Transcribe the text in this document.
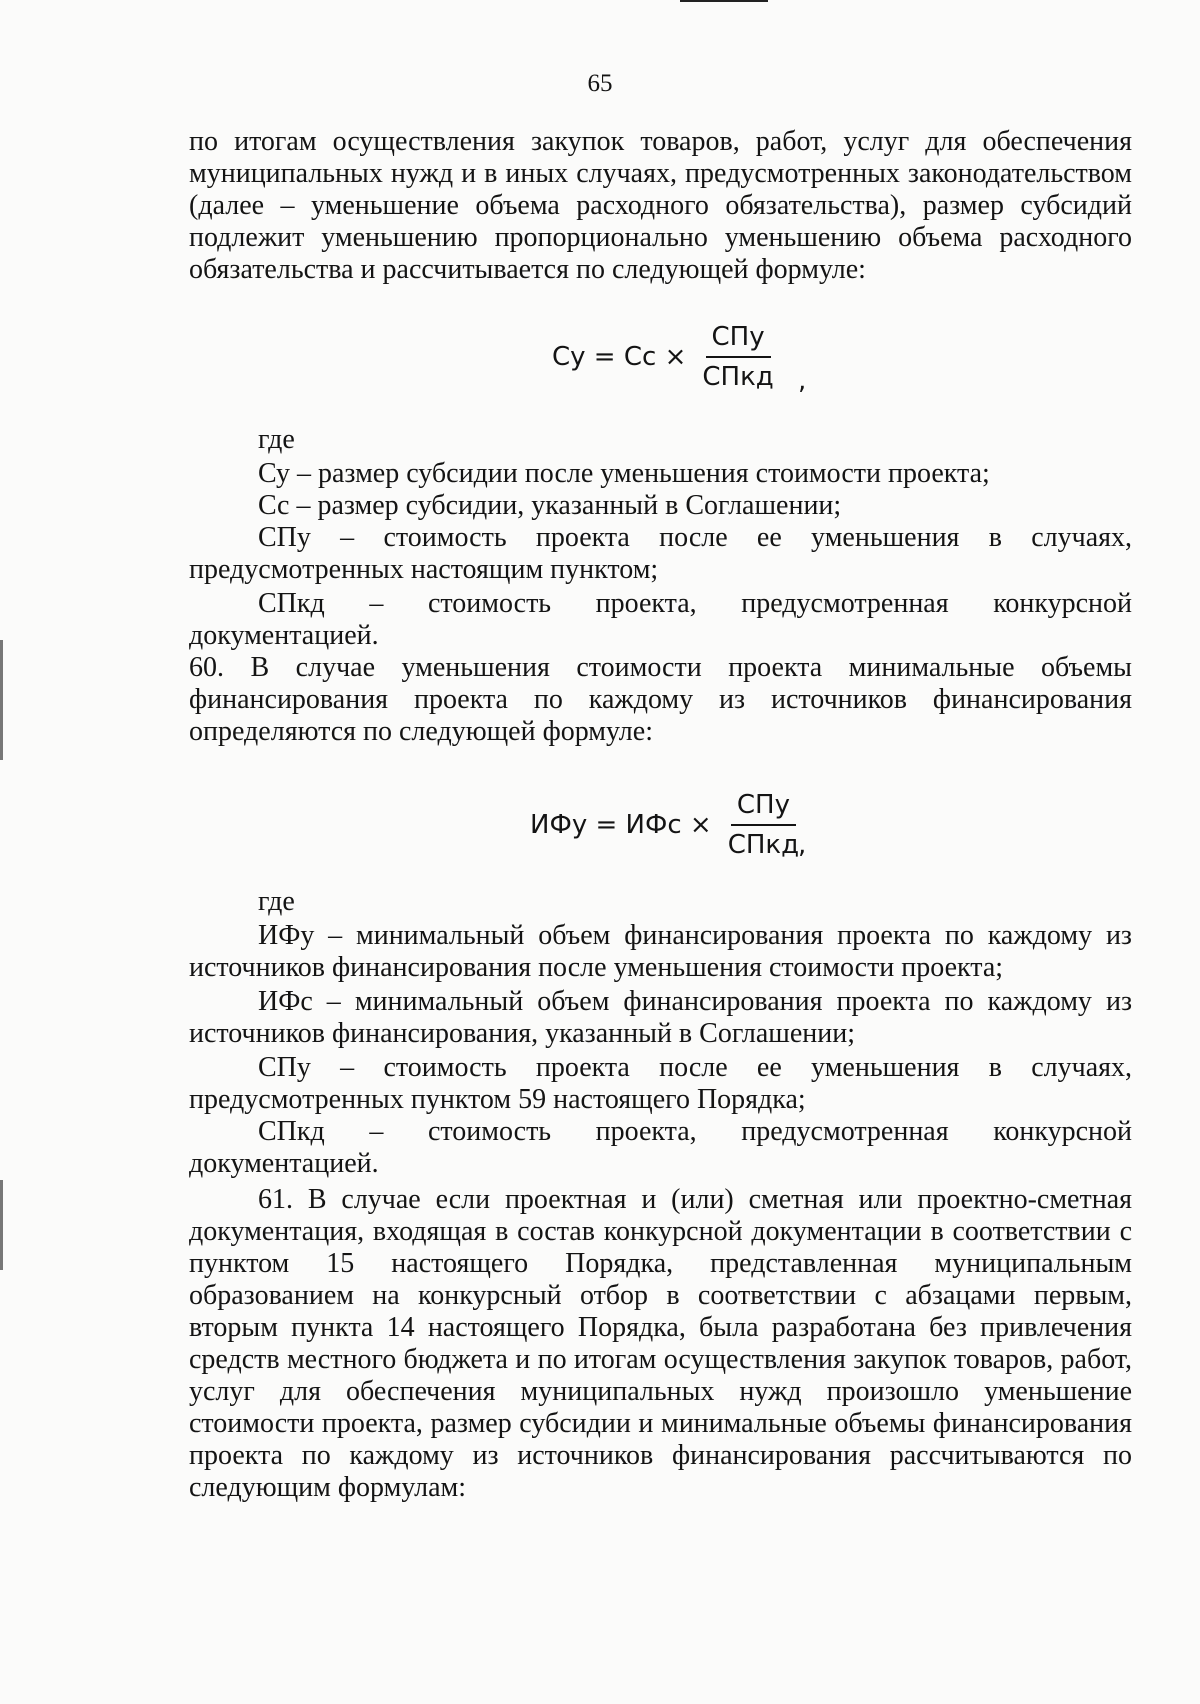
65
по итогам осуществления закупок товаров, работ, услуг для обеспечения
муниципальных нужд и в иных случаях, предусмотренных законодательством
(далее – уменьшение объема расходного обязательства), размер субсидий
подлежит уменьшению пропорционально уменьшению объема расходного
обязательства и рассчитывается по следующей формуле:
Су = Сс × $\frac{\text{СПу}}{\text{СПкд}}$ ,
где
Су – размер субсидии после уменьшения стоимости проекта;
Сс – размер субсидии, указанный в Соглашении;
СПу – стоимость проекта после ее уменьшения в случаях,
предусмотренных настоящим пунктом;
СПкд – стоимость проекта, предусмотренная конкурсной
документацией.
60. В случае уменьшения стоимости проекта минимальные объемы
финансирования проекта по каждому из источников финансирования
определяются по следующей формуле:
ИФу = ИФс × $\frac{\text{СПу}}{\text{СПкд}}$
,
где
ИФу – минимальный объем финансирования проекта по каждому из
источников финансирования после уменьшения стоимости проекта;
ИФс – минимальный объем финансирования проекта по каждому из
источников финансирования, указанный в Соглашении;
СПу – стоимость проекта после ее уменьшения в случаях,
предусмотренных пунктом 59 настоящего Порядка;
СПкд – стоимость проекта, предусмотренная конкурсной
документацией.
61. В случае если проектная и (или) сметная или проектно-сметная
документация, входящая в состав конкурсной документации в соответствии с
пунктом 15 настоящего Порядка, представленная муниципальным
образованием на конкурсный отбор в соответствии с абзацами первым,
вторым пункта 14 настоящего Порядка, была разработана без привлечения
средств местного бюджета и по итогам осуществления закупок товаров, работ,
услуг для обеспечения муниципальных нужд произошло уменьшение
стоимости проекта, размер субсидии и минимальные объемы финансирования
проекта по каждому из источников финансирования рассчитываются по
следующим формулам:
